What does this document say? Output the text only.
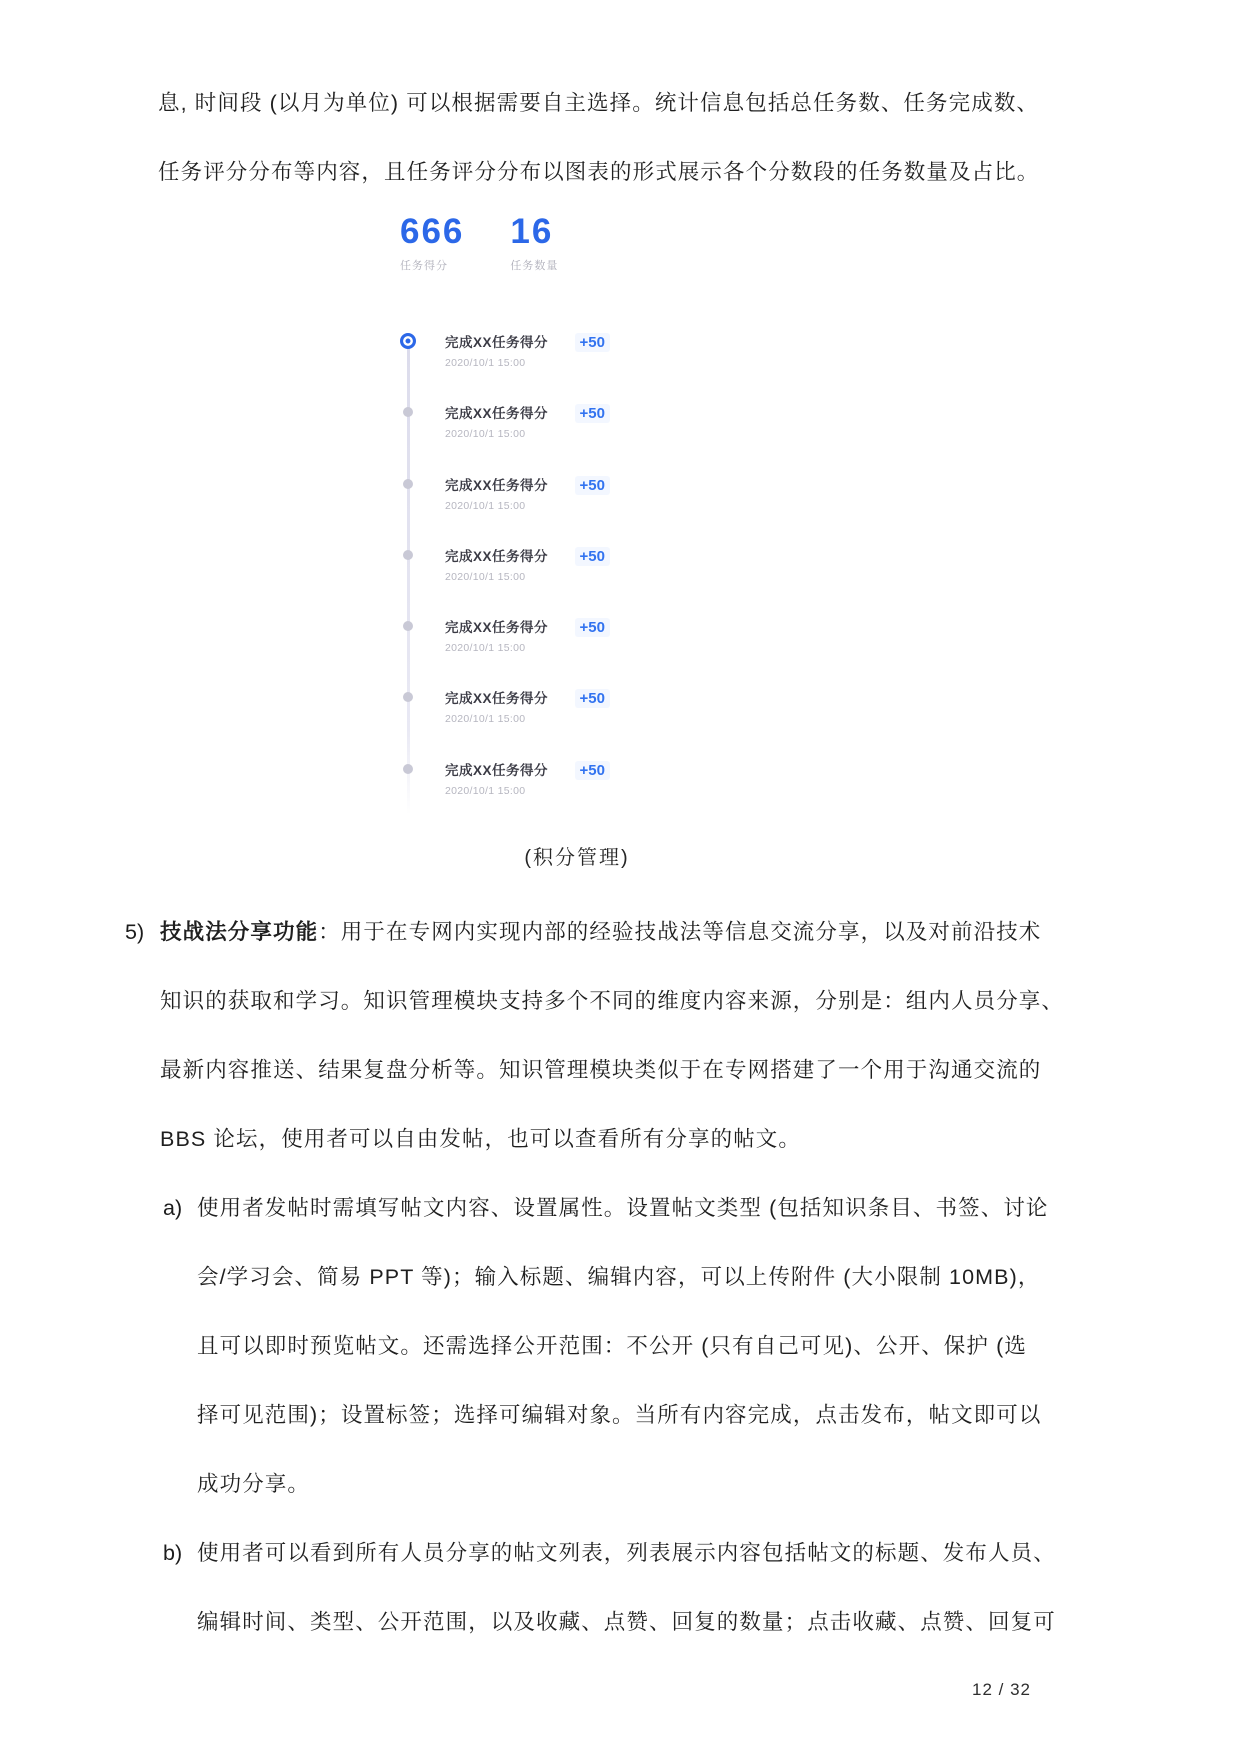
息, 时间段 (以月为单位) 可以根据需要自主选择。统计信息包括总任务数、任务完成数、
任务评分分布等内容，且任务评分分布以图表的形式展示各个分数段的任务数量及占比。
666
任务得分
16
任务数量
完成XX任务得分
2020/10/1 15:00
+50
完成XX任务得分
2020/10/1 15:00
+50
完成XX任务得分
2020/10/1 15:00
+50
完成XX任务得分
2020/10/1 15:00
+50
完成XX任务得分
2020/10/1 15:00
+50
完成XX任务得分
2020/10/1 15:00
+50
完成XX任务得分
2020/10/1 15:00
+50
(积分管理)
5) 技战法分享功能：用于在专网内实现内部的经验技战法等信息交流分享，以及对前沿技术
知识的获取和学习。知识管理模块支持多个不同的维度内容来源，分别是：组内人员分享、
最新内容推送、结果复盘分析等。知识管理模块类似于在专网搭建了一个用于沟通交流的
BBS 论坛，使用者可以自由发帖，也可以查看所有分享的帖文。
a) 使用者发帖时需填写帖文内容、设置属性。设置帖文类型 (包括知识条目、书签、讨论
会/学习会、简易 PPT 等)；输入标题、编辑内容，可以上传附件 (大小限制 10MB)，
且可以即时预览帖文。还需选择公开范围：不公开 (只有自己可见)、公开、保护 (选
择可见范围)；设置标签；选择可编辑对象。当所有内容完成，点击发布，帖文即可以
成功分享。
b) 使用者可以看到所有人员分享的帖文列表，列表展示内容包括帖文的标题、发布人员、
编辑时间、类型、公开范围，以及收藏、点赞、回复的数量；点击收藏、点赞、回复可
12 / 32
